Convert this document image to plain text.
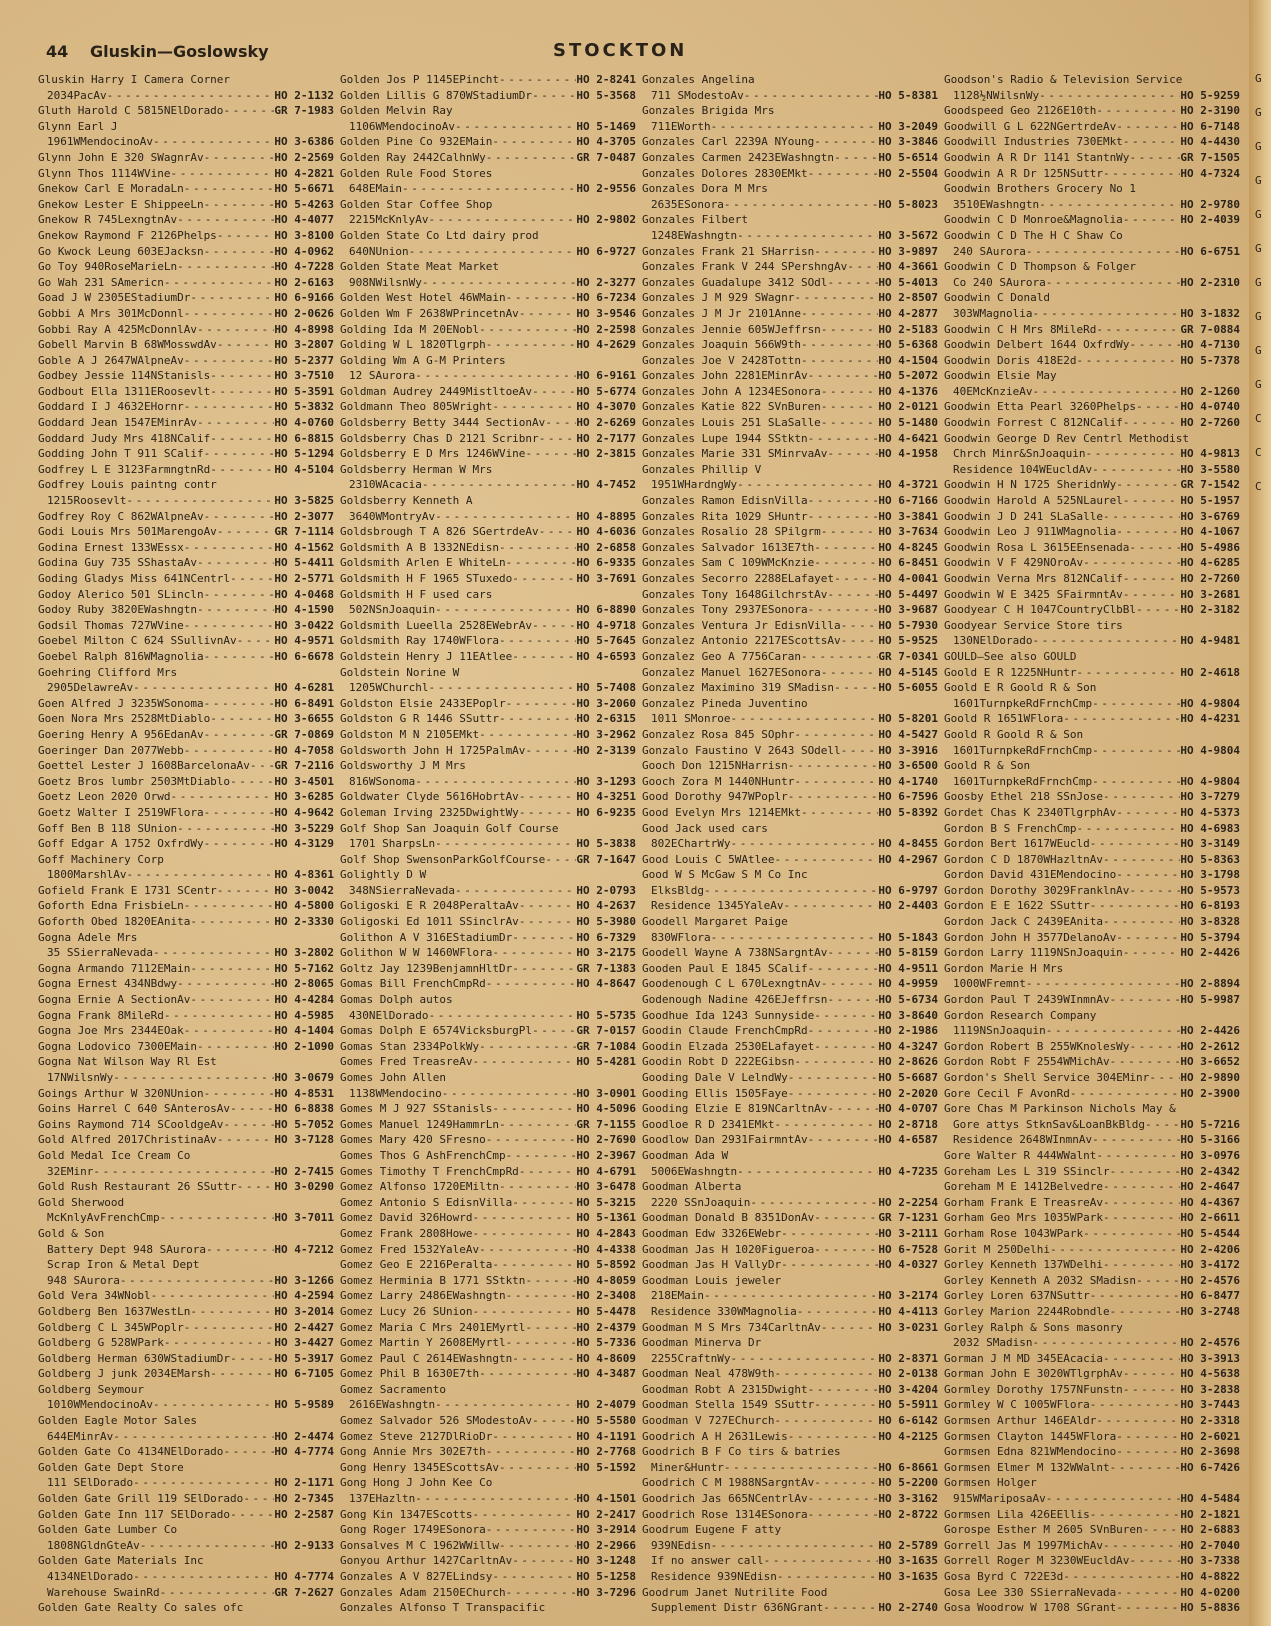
44 Gluskin—Goslowsky	STOCKTON
Gluskin Harry I Camera Corner
2034PacAv - - -	HO 2-1132
Gluth Harold C 5815NElDorado - - -	GR 7-1983
Glynn Earl J
1961WMendocinoAv - - -	HO 3-6386
Glynn John E 320 SWagnrAv - - -	HO 2-2569
Glynn Thos 1114WVine - - -	HO 4-2821
Gnekow Carl E MoradaLn - - -	HO 5-6671
Gnekow Lester E ShippeeLn - - -	HO 5-4263
Gnekow R 745LexngtnAv - - -	HO 4-4077
Gnekow Raymond F 2126Phelps - - -	HO 3-8100
Go Kwock Leung 603EJacksn - - -	HO 4-0962
Go Toy 940RoseMarieLn - - -	HO 4-7228
Go Wah 231 SAmericn - - -	HO 2-6163
Goad J W 2305EStadiumDr - - -	HO 6-9166
Gobbi A Mrs 301McDonnl - - -	HO 2-0626
Gobbi Ray A 425McDonnlAv - - -	HO 4-8998
Gobell Marvin B 68WMosswdAv - - -	HO 3-2807
Goble A J 2647WAlpneAv - - -	HO 5-2377
Godbey Jessie 114NStanisls - - -	HO 3-7510
Godbout Ella 1311ERoosevlt - - -	HO 5-3591
Goddard I J 4632EHornr - - -	HO 5-3832
Goddard Jean 1547EMinrAv - - -	HO 4-0760
Goddard Judy Mrs 418NCalif - - -	HO 6-8815
Godding John T 911 SCalif - - -	HO 5-1294
Godfrey L E 3123FarmngtnRd - - -	HO 4-5104
Godfrey Louis paintng contr
1215Roosevlt - - -	HO 3-5825
Godfrey Roy C 862WAlpneAv - - -	HO 2-3077
Godi Louis Mrs 501MarengoAv - - -	GR 7-1114
Godina Ernest 133WEssx - - -	HO 4-1562
Godina Guy 735 SShastaAv - - -	HO 5-4411
Goding Gladys Miss 641NCentrl - - -	HO 2-5771
Godoy Alerico 501 SLincln - - -	HO 4-0468
Godoy Ruby 3820EWashngtn - - -	HO 4-1590
Godsil Thomas 727WVine - - -	HO 3-0422
Goebel Milton C 624 SSullivnAv - - -	HO 4-9571
Goebel Ralph 816WMagnolia - - -	HO 6-6678
Goehring Clifford Mrs
2905DelawreAv - - -	HO 4-6281
Goen Alfred J 3235WSonoma - - -	HO 6-8491
Goen Nora Mrs 2528MtDiablo - - -	HO 3-6655
Goering Henry A 956EdanAv - - -	GR 7-0869
Goeringer Dan 2077Webb - - -	HO 4-7058
Goettel Lester J 1608BarcelonaAv - - - GR 7-2116
Goetz Bros lumbr 2503MtDiablo - - -	HO 3-4501
Goetz Leon 2020 Orwd - - -	HO 3-6285
Goetz Walter I 2519WFlora - - -	HO 4-9642
Goff Ben B 118 SUnion - - -	HO 3-5229
Goff Edgar A 1752 OxfrdWy - - -	HO 4-3129
Goff Machinery Corp
1800MarshlAv - - -	HO 4-8361
Gofield Frank E 1731 SCentr - - -	HO 3-0042
Goforth Edna FrisbieLn - - -	HO 4-5800
Goforth Obed 1820EAnita - - -	HO 2-3330
Gogna Adele Mrs
35 SSierraNevada - - -	HO 3-2802
Gogna Armando 7112EMain - - -	HO 5-7162
Gogna Ernest 434NBdwy - - -	HO 2-8065
Gogna Ernie A SectionAv - - -	HO 4-4284
Gogna Frank 8MileRd - - -	HO 4-5985
Gogna Joe Mrs 2344EOak - - -	HO 4-1404
Gogna Lodovico 7300EMain - - -	HO 2-1090
Gogna Nat Wilson Way Rl Est
17NWilsnWy - - -	HO 3-0679
Goings Arthur W 320NUnion - - -	HO 4-8531
Goins Harrel C 640 SAnterosAv - - -	HO 6-8838
Goins Raymond 714 SCooldgeAv - - -	HO 5-7052
Gold Alfred 2017ChristinaAv - - -	HO 3-7128
Gold Medal Ice Cream Co
32EMinr - - -	HO 2-7415
Gold Rush Restaurant 26 SSuttr - - -	HO 3-0290
Gold Sherwood
McKnlyAvFrenchCmp - - -	HO 3-7011
Gold & Son
Battery Dept 948 SAurora - - -	HO 4-7212
Scrap Iron & Metal Dept
948 SAurora - - -	HO 3-1266
Gold Vera 34WNobl - - -	HO 4-2594
Goldberg Ben 1637WestLn - - -	HO 3-2014
Goldberg C L 345WPoplr - - -	HO 2-4427
Goldberg G 528WPark - - -	HO 3-4427
Goldberg Herman 630WStadiumDr - - -	HO 5-3917
Goldberg J junk 2034EMarsh - - -	HO 6-7105
Goldberg Seymour
1010WMendocinoAv - - -	HO 5-9589
Golden Eagle Motor Sales
644EMinrAv - - -	HO 2-4474
Golden Gate Co 4134NElDorado - - -	HO 4-7774
Golden Gate Dept Store
111 SElDorado - - -	HO 2-1171
Golden Gate Grill 119 SElDorado - - -	HO 2-7345
Golden Gate Inn 117 SElDorado - - -	HO 2-2587
Golden Gate Lumber Co
1808NGldnGteAv - - -	HO 2-9133
Golden Gate Materials Inc
4134NElDorado - - -	HO 4-7774
Warehouse SwainRd - - -	GR 7-2627
Golden Gate Realty Co sales ofc
- - -
Golden Jos P 1145EPincht - - -	HO 2-8241
Golden Lillis G 870WStadiumDr - - -	HO 5-3568
Golden Melvin Ray
1106WMendocinoAv - - -	HO 5-1469
Golden Pine Co 932EMain - - -	HO 4-3705
Golden Ray 2442CalhnWy - - -	GR 7-0487
Golden Rule Food Stores
648EMain - - -	HO 2-9556
Golden Star Coffee Shop
2215McKnlyAv - - -	HO 2-9802
Golden State Co Ltd dairy prod
640NUnion - - -	HO 6-9727
Golden State Meat Market
908NWilsnWy - - -	HO 2-3277
Golden West Hotel 46WMain - - -	HO 6-7234
Golden Wm F 2638WPrincetnAv - - -	HO 3-9546
Golding Ida M 20ENobl - - -	HO 2-2598
Golding W L 1820Tlgrph - - -	HO 4-2629
Golding Wm A G-M Printers
12 SAurora - - -	HO 6-9161
Goldman Audrey 2449MistltoeAv - - -	HO 5-6774
Goldmann Theo 805Wright - - -	HO 4-3070
Goldsberry Betty 3444 SectionAv - - -	HO 2-6269
Goldsberry Chas D 2121 Scribnr - - -	HO 2-7177
Goldsberry E D Mrs 1246WVine - - -	HO 2-3815
Goldsberry Herman W Mrs
2310WAcacia - - -	HO 4-7452
Goldsberry Kenneth A
3640WMontryAv - - -	HO 4-8895
Goldsbrough T A 826 SGertrdeAv - - -	HO 4-6036
Goldsmith A B 1332NEdisn - - -	HO 2-6858
Goldsmith Arlen E WhiteLn - - -	HO 6-9335
Goldsmith H F 1965 STuxedo - - -	HO 3-7691
Goldsmith H F used cars
502NSnJoaquin - - -	HO 6-8890
Goldsmith Lueella 2528EWebrAv - - -	HO 4-9718
Goldsmith Ray 1740WFlora - - -	HO 5-7645
Goldstein Henry J 11EAtlee - - -	HO 4-6593
Goldstein Norine W
1205WChurchl - - -	HO 5-7408
Goldston Elsie 2433EPoplr - - -	HO 3-2060
Goldston G R 1446 SSuttr - - -	HO 2-6315
Goldston M N 2105EMkt - - -	HO 3-2962
Goldsworth John H 1725PalmAv - - -	HO 2-3139
Goldsworthy J M Mrs
816WSonoma - - -	HO 3-1293
Goldwater Clyde 5616HobrtAv - - -	HO 4-3251
Goleman Irving 2325DwightWy - - -	HO 6-9235
Golf Shop San Joaquin Golf Course
1701 SharpsLn - - -	HO 5-3838
Golf Shop SwensonParkGolfCourse - - -	GR 7-1647
Golightly D W
348NSierraNevada - - -	HO 2-0793
Goligoski E R 2048PeraltaAv - - -	HO 4-2637
Goligoski Ed 1011 SSinclrAv - - -	HO 5-3980
Golithon A V 316EStadiumDr - - -	HO 6-7329
Golithon W W 1460WFlora - - -	HO 3-2175
Goltz Jay 1239BenjamnHltDr - - -	GR 7-1383
Gomas Bill FrenchCmpRd - - -	HO 4-8647
Gomas Dolph autos
430NElDorado - - -	HO 5-5735
Gomas Dolph E 6574VicksburgPl - - -	GR 7-0157
Gomas Stan 2334PolkWy - - -	GR 7-1084
Gomes Fred TreasreAv - - -	HO 5-4281
Gomes John Allen
1138WMendocino - - -	HO 3-0901
Gomes M J 927 SStanisls - - -	HO 4-5096
Gomes Manuel 1249HammrLn - - -	GR 7-1155
Gomes Mary 420 SFresno - - -	HO 2-7690
Gomes Thos G AshFrenchCmp - - -	HO 2-3967
Gomes Timothy T FrenchCmpRd - - -	HO 4-6791
Gomez Alfonso 1720EMiltn - - -	HO 3-6478
Gomez Antonio S EdisnVilla - - -	HO 5-3215
Gomez David 326Howrd - - -	HO 5-1361
Gomez Frank 2808Howe - - -	HO 4-2843
Gomez Fred 1532YaleAv - - -	HO 4-4338
Gomez Geo E 2216Peralta - - -	HO 5-8592
Gomez Herminia B 1771 SStktn - - -	HO 4-8059
Gomez Larry 2486EWashngtn - - -	HO 2-3408
Gomez Lucy 26 SUnion - - -	HO 5-4478
Gomez Maria C Mrs 2401EMyrtl - - -	HO 2-4379
Gomez Martin Y 2608EMyrtl - - -	HO 5-7336
Gomez Paul C 2614EWashngtn - - -	HO 4-8609
Gomez Phil B 1630E7th - - -	HO 4-3487
Gomez Sacramento
2616EWashngtn - - -	HO 2-4079
Gomez Salvador 526 SModestoAv - - -	HO 5-5580
Gomez Steve 2127DlRioDr - - -	HO 4-1191
Gong Annie Mrs 302E7th - - -	HO 2-7768
Gong Henry 1345EScottsAv - - -	HO 5-1592
Gong Hong J John Kee Co
137EHazltn - - -	HO 4-1501
Gong Kin 1347EScotts - - -	HO 2-2417
Gong Roger 1749ESonora - - -	HO 3-2914
Gonsalves M C 1962WWillw - - -	HO 2-2966
Gonyou Arthur 1427CarltnAv - - -	HO 3-1248
Gonzales A V 827ELindsy - - -	HO 5-1258
Gonzales Adam 2150EChurch - - -	HO 3-7296
Gonzales Alfonso T Transpacific
- - -
Gonzales Angelina
711 SModestoAv - - -	HO 5-8381
Gonzales Brigida Mrs
711EWorth - - -	HO 3-2049
Gonzales Carl 2239A NYoung - - -	HO 3-3846
Gonzales Carmen 2423EWashngtn - - -	HO 5-6514
Gonzales Dolores 2830EMkt - - -	HO 2-5504
Gonzales Dora M Mrs
2635ESonora - - -	HO 5-8023
Gonzales Filbert
1248EWashngtn - - -	HO 3-5672
Gonzales Frank 21 SHarrisn - - -	HO 3-9897
Gonzales Frank V 244 SPershngAv - - -	HO 4-3661
Gonzales Guadalupe 3412 SOdl - - -	HO 5-4013
Gonzales J M 929 SWagnr - - -	HO 2-8507
Gonzales J M Jr 2101Anne - - -	HO 4-2877
Gonzales Jennie 605WJeffrsn - - -	HO 2-5183
Gonzales Joaquin 566W9th - - -	HO 5-6368
Gonzales Joe V 2428Tottn - - -	HO 4-1504
Gonzales John 2281EMinrAv - - -	HO 5-2072
Gonzales John A 1234ESonora - - -	HO 4-1376
Gonzales Katie 822 SVnBuren - - -	HO 2-0121
Gonzales Louis 251 SLaSalle - - -	HO 5-1480
Gonzales Lupe 1944 SStktn - - -	HO 4-6421
Gonzales Marie 331 SMinrvaAv - - -	HO 4-1958
Gonzales Phillip V
1951WHardngWy - - -	HO 4-3721
Gonzales Ramon EdisnVilla - - -	HO 6-7166
Gonzales Rita 1029 SHuntr - - -	HO 3-3841
Gonzales Rosalio 28 SPilgrm - - -	HO 3-7634
Gonzales Salvador 1613E7th - - -	HO 4-8245
Gonzales Sam C 109WMcKnzie - - -	HO 6-8451
Gonzales Secorro 2288ELafayet - - -	HO 4-0041
Gonzales Tony 1648GilchrstAv - - -	HO 5-4497
Gonzales Tony 2937ESonora - - -	HO 3-9687
Gonzales Ventura Jr EdisnVilla - - -	HO 5-7930
Gonzalez Antonio 2217EScottsAv - - -	HO 5-9525
Gonzalez Geo A 7756Caran - - -	GR 7-0341
Gonzalez Manuel 1627ESonora - - -	HO 4-5145
Gonzalez Maximino 319 SMadisn - - -	HO 5-6055
Gonzalez Pineda Juventino
1011 SMonroe - - -	HO 5-8201
Gonzalez Rosa 845 SOphr - - -	HO 4-5427
Gonzalo Faustino V 2643 SOdell - - -	HO 3-3916
Gooch Don 1215NHarrisn - - -	HO 3-6500
Gooch Zora M 1440NHuntr - - -	HO 4-1740
Good Dorothy 947WPoplr - - -	HO 6-7596
Good Evelyn Mrs 1214EMkt - - -	HO 5-8392
Good Jack used cars
802EChartrWy - - -	HO 4-8455
Good Louis C 5WAtlee - - -	HO 4-2967
Good W S McGaw S M Co Inc
ElksBldg - - -	HO 6-9797
Residence 1345YaleAv - - -	HO 2-4403
Goodell Margaret Paige
830WFlora - - -	HO 5-1843
Goodell Wayne A 738NSargntAv - - -	HO 5-8159
Gooden Paul E 1845 SCalif - - -	HO 4-9511
Goodenough C L 670LexngtnAv - - -	HO 4-9959
Godenough Nadine 426EJeffrsn - - -	HO 5-6734
Goodhue Ida 1243 Sunnyside - - -	HO 3-8640
Goodin Claude FrenchCmpRd - - -	HO 2-1986
Goodin Elzada 2530ELafayet - - -	HO 4-3247
Goodin Robt D 222EGibsn - - -	HO 2-8626
Gooding Dale V LelndWy - - -	HO 5-6687
Gooding Ellis 1505Faye - - -	HO 2-2020
Gooding Elzie E 819NCarltnAv - - -	HO 4-0707
Goodloe R D 2341EMkt - - -	HO 2-8718
Goodlow Dan 2931FairmntAv - - -	HO 4-6587
Goodman Ada W
5006EWashngtn - - -	HO 4-7235
Goodman Alberta
2220 SSnJoaquin - - -	HO 2-2254
Goodman Donald B 8351DonAv - - -	GR 7-1231
Goodman Edw 3326EWebr - - -	HO 3-2111
Goodman Jas H 1020Figueroa - - -	HO 6-7528
Goodman Jas H VallyDr - - -	HO 4-0327
Goodman Louis jeweler
218EMain - - -	HO 3-2174
Residence 330WMagnolia - - -	HO 4-4113
Goodman M S Mrs 734CarltnAv - - -	HO 3-0231
Goodman Minerva Dr
2255CraftnWy - - -	HO 2-8371
Goodman Neal 478W9th - - -	HO 2-0138
Goodman Robt A 2315Dwight - - -	HO 3-4204
Goodman Stella 1549 SSuttr - - -	HO 5-5911
Goodman V 727EChurch - - -	HO 6-6142
Goodrich A H 2631Lewis - - -	HO 4-2125
Goodrich B F Co tirs & batries
Miner&Huntr - - -	HO 6-8661
Goodrich C M 1988NSargntAv - - -	HO 5-2200
Goodrich Jas 665NCentrlAv - - -	HO 3-3162
Goodrich Rose 1314ESonora - - -	HO 2-8722
Goodrum Eugene F atty
939NEdisn - - -	HO 2-5789
If no answer call - - -	HO 3-1635
Residence 939NEdisn - - -	HO 3-1635
Goodrum Janet Nutrilite Food
Supplement Distr 636NGrant - - -	HO 2-2740
- - -
Goodson's Radio & Television Service
1128½NWilsnWy - - -	HO 5-9259
Goodspeed Geo 2126E10th - - -	HO 2-3190
Goodwill G L 622NGertrdeAv - - -	HO 6-7148
Goodwill Industries 730EMkt - - -	HO 4-4430
Goodwin A R Dr 1141 StantnWy - - -	GR 7-1505
Goodwin A R Dr 125NSuttr - - -	HO 4-7324
Goodwin Brothers Grocery No 1
3510EWashngtn - - -	HO 2-9780
Goodwin C D Monroe&Magnolia - - -	HO 2-4039
Goodwin C D The H C Shaw Co
240 SAurora - - -	HO 6-6751
Goodwin C D Thompson & Folger
Co 240 SAurora - - -	HO 2-2310
Goodwin C Donald
303WMagnolia - - -	HO 3-1832
Goodwin C H Mrs 8MileRd - - -	GR 7-0884
Goodwin Delbert 1644 OxfrdWy - - -	HO 4-7130
Goodwin Doris 418E2d - - -	HO 5-7378
Goodwin Elsie May
40EMcKnzieAv - - -	HO 2-1260
Goodwin Etta Pearl 3260Phelps - - -	HO 4-0740
Goodwin Forrest C 812NCalif - - -	HO 2-7260
Goodwin George D Rev Centrl Methodist
Chrch Minr&SnJoaquin - - -	HO 4-9813
Residence 104WEucldAv - - -	HO 3-5580
Goodwin H N 1725 SheridnWy - - -	GR 7-1542
Goodwin Harold A 525NLaurel - - -	HO 5-1957
Goodwin J D 241 SLaSalle - - -	HO 3-6769
Goodwin Leo J 911WMagnolia - - -	HO 4-1067
Goodwin Rosa L 3615EEnsenada - - -	HO 5-4986
Goodwin V F 429NOroAv - - -	HO 4-6285
Goodwin Verna Mrs 812NCalif - - -	HO 2-7260
Goodwin W E 3425 SFairmntAv - - -	HO 3-2681
Goodyear C H 1047CountryClbBl - - -	HO 2-3182
Goodyear Service Store tirs
130NElDorado - - -	HO 4-9481
GOULD—See also GOULD
Goold E R 1225NHuntr - - -	HO 2-4618
Goold E R Goold R & Son
1601TurnpkeRdFrnchCmp - - -	HO 4-9804
Goold R 1651WFlora - - -	HO 4-4231
Goold R Goold R & Son
1601TurnpkeRdFrnchCmp - - -	HO 4-9804
Goold R & Son
1601TurnpkeRdFrnchCmp - - -	HO 4-9804
Goosby Ethel 218 SSnJose - - -	HO 3-7279
Gordet Chas K 2340TlgrphAv - - -	HO 4-5373
Gordon B S FrenchCmp - - -	HO 4-6983
Gordon Bert 1617WEucld - - -	HO 3-3149
Gordon C D 1870WHazltnAv - - -	HO 5-8363
Gordon David 431EMendocino - - -	HO 3-1798
Gordon Dorothy 3029FranklnAv - - -	HO 5-9573
Gordon E E 1622 SSuttr - - -	HO 6-8193
Gordon Jack C 2439EAnita - - -	HO 3-8328
Gordon John H 3577DelanoAv - - -	HO 5-3794
Gordon Larry 1119NSnJoaquin - - -	HO 2-4426
Gordon Marie H Mrs
1000WFremnt - - -	HO 2-8894
Gordon Paul T 2439WInmnAv - - -	HO 5-9987
Gordon Research Company
1119NSnJoaquin - - -	HO 2-4426
Gordon Robert B 255WKnolesWy - - -	HO 2-2612
Gordon Robt F 2554WMichAv - - -	HO 3-6652
Gordon's Shell Service 304EMinr - - -	HO 2-9890
Gore Cecil F AvonRd - - -	HO 2-3900
Gore Chas M Parkinson Nichols May &
Gore attys StknSav&LoanBkBldg - - -	HO 5-7216
Residence 2648WInmnAv - - -	HO 5-3166
Gore Walter R 444WWalnt - - -	HO 3-0976
Goreham Les L 319 SSinclr - - -	HO 2-4342
Goreham M E 1412Belvedre - - -	HO 2-4647
Gorham Frank E TreasreAv - - -	HO 4-4367
Gorham Geo Mrs 1035WPark - - -	HO 2-6611
Gorham Rose 1043WPark - - -	HO 5-4544
Gorit M 250Delhi - - -	HO 2-4206
Gorley Kenneth 137WDelhi - - -	HO 3-4172
Gorley Kenneth A 2032 SMadisn - - -	HO 2-4576
Gorley Loren 637NSuttr - - -	HO 6-8477
Gorley Marion 2244Robndle - - -	HO 3-2748
Gorley Ralph & Sons masonry
2032 SMadisn - - -	HO 2-4576
Gorman J M MD 345EAcacia - - -	HO 3-3913
Gorman John E 3020WTlgrphAv - - -	HO 4-5638
Gormley Dorothy 1757NFunstn - - -	HO 3-2838
Gormley W C 1005WFlora - - -	HO 3-7443
Gormsen Arthur 146EAldr - - -	HO 2-3318
Gormsen Clayton 1445WFlora - - -	HO 2-6021
Gormsen Edna 821WMendocino - - -	HO 2-3698
Gormsen Elmer M 132WWalnt - - -	HO 6-7426
Gormsen Holger
915WMariposaAv - - -	HO 4-5484
Gormsen Lila 426EEllis - - -	HO 2-1821
Gorospe Esther M 2605 SVnBuren - - -	HO 2-6883
Gorrell Jas M 1997MichAv - - -	HO 2-7040
Gorrell Roger M 3230WEucldAv - - -	HO 3-7338
Gosa Byrd C 722E3d - - -	HO 4-8822
Gosa Lee 330 SSierraNevada - - -	HO 4-0200
Gosa Woodrow W 1708 SGrant - - -	HO 5-8836
- - -
G
G
G
G
G
G
G
G
G
G
C
C
C
